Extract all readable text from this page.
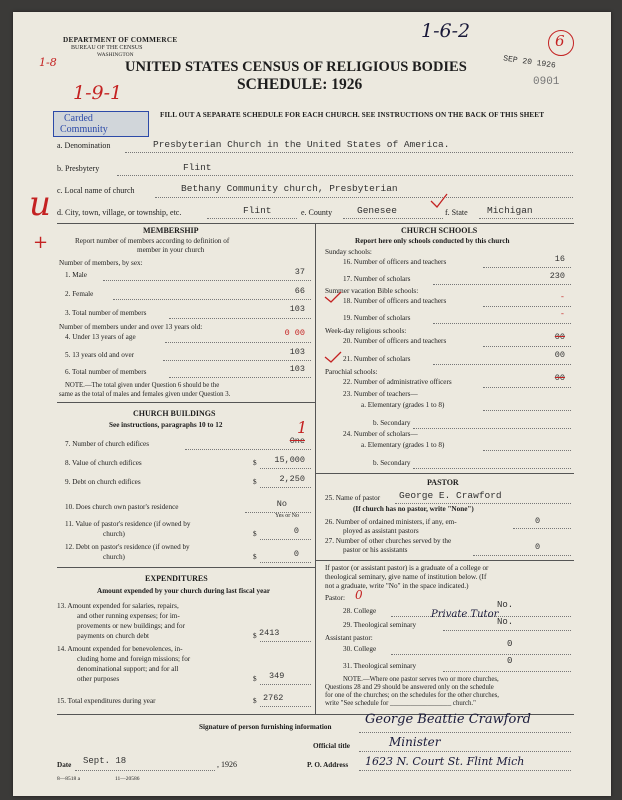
DEPARTMENT OF COMMERCE
BUREAU OF THE CENSUS
WASHINGTON
UNITED STATES CENSUS OF RELIGIOUS BODIES
SCHEDULE: 1926
FILL OUT A SEPARATE SCHEDULE FOR EACH CHURCH. SEE INSTRUCTIONS ON THE BACK OF THIS SHEET
1-6-2	6
SEP 20 1926
0901
1-8
1-9-1
Carded
Community
u
+
a. Denomination	Presbyterian Church in the United States of America.
b. Presbytery	Flint
c. Local name of church	Bethany Community church, Presbyterian
d. City, town, village, or township, etc.	Flint	e. County	Genesee	f. State Michigan
MEMBERSHIP
Report number of members according to definition of
member in your church
Number of members, by sex:
1. Male	37
2. Female	66
3. Total number of members	103
Number of members under and over 13 years old:
4. Under 13 years of age	0 00
5. 13 years old and over	103
6. Total number of members	103
NOTE.—The total given under Question 6 should be the
same as the total of males and females given under Question 3.
CHURCH BUILDINGS
See instructions, paragraphs 10 to 12	1
7. Number of church edifices	One
8. Value of church edifices	$	15,000
9. Debt on church edifices	$	2,250
10. Does church own pastor's residence	No
Yes or No
11. Value of pastor's residence (if owned by
church)	$	0
12. Debt on pastor's residence (if owned by
church)	$	0
EXPENDITURES
Amount expended by your church during last fiscal year
13. Amount expended for salaries, repairs,
and other running expenses; for im-
provements or new buildings; and for
payments on church debt	$ 2413
14. Amount expended for benevolences, in-
cluding home and foreign missions; for
denominational support; and for all
other purposes	$ 349
15. Total expenditures during year	$ 2762
CHURCH SCHOOLS
Report here only schools conducted by this church
Sunday schools:
16. Number of officers and teachers	16
17. Number of scholars	230
Summer vacation Bible schools:
18. Number of officers and teachers	-
19. Number of scholars	-
Week-day religious schools:
20. Number of officers and teachers	00
21. Number of scholars	00
Parochial schools:
22. Number of administrative officers	00
23. Number of teachers—
a. Elementary (grades 1 to 8)
b. Secondary
24. Number of scholars—
a. Elementary (grades 1 to 8)
b. Secondary
PASTOR
25. Name of pastor George E. Crawford
(If church has no pastor, write "None")
26. Number of ordained ministers, if any, em-
ployed as assistant pastors
0
27. Number of other churches served by the
pastor or his assistants	0
If pastor (or assistant pastor) is a graduate of a college or
theological seminary, give name of institution below. (If
not a graduate, write "No" in the space indicated.)
Pastor: 0
28. College
No.
Private Tutor
29. Theological seminary	No.
Assistant pastor:
30. College	0
31. Theological seminary	0
NOTE.—Where one pastor serves two or more churches,
Questions 28 and 29 should be answered only on the schedule
for one of the churches; on the schedules for the other churches,
write "See schedule for __________________ church."
Signature of person furnishing information	George Beattie Crawford
Official title	Minister
Date Sept. 18	, 1926	P. O. Address 1623 N. Court St. Flint Mich
8—8518 a	11—20586
